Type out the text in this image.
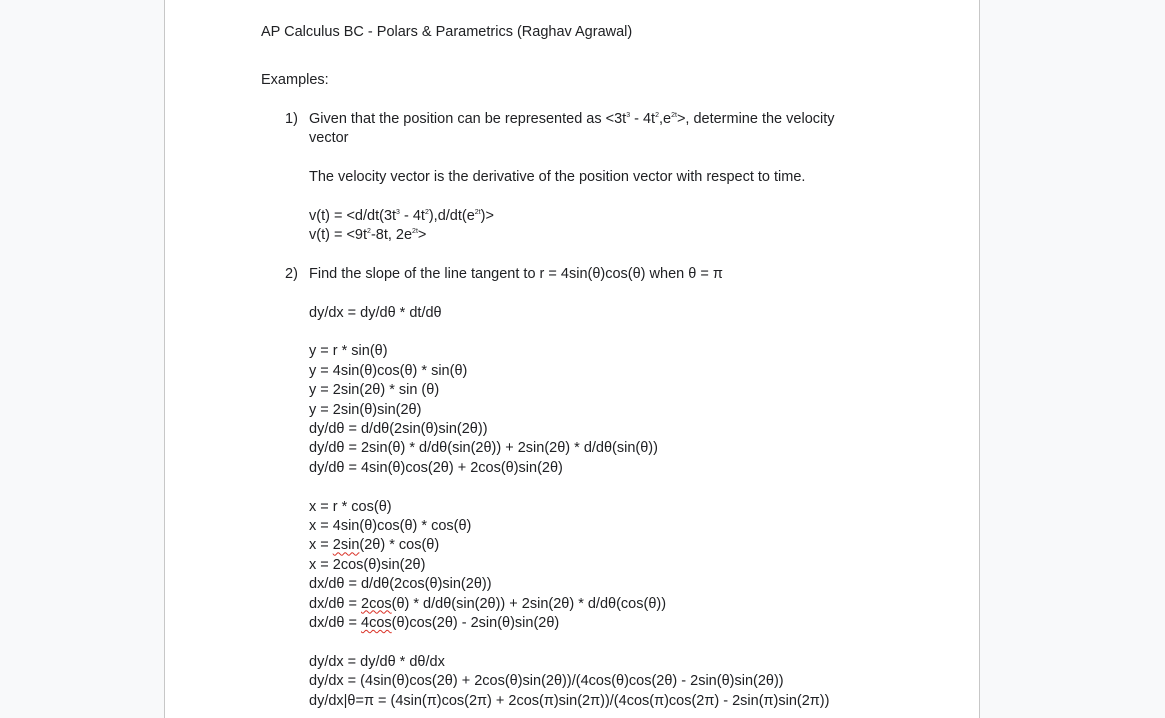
AP Calculus BC - Polars & Parametrics (Raghav Agrawal)

Examples:

1) Given that the position can be represented as $<3t^3 - 4t^2,e^{2t}>$, determine the velocity vector
The velocity vector is the derivative of the position vector with respect to time.
$v(t) = <d/dt(3t^3 - 4t^2),d/dt(e^{2t})>$
$v(t) = <9t^2-8t$, $2e^{2t}>$
2) Find the slope of the line tangent to r = 4sin(θ)cos(θ) when θ = π
dy/dx = dy/dθ * dt/dθ
y = r * sin(θ)
y = 4sin(θ)cos(θ) * sin(θ)
y = 2sin(2θ) * sin (θ)
y = 2sin(θ)sin(2θ)
dy/dθ = d/dθ(2sin(θ)sin(2θ))
dy/dθ = 2sin(θ) * d/dθ(sin(2θ)) + 2sin(2θ) * d/dθ(sin(θ))
dy/dθ = 4sin(θ)cos(2θ) + 2cos(θ)sin(2θ)
x = r * cos(θ)
x = 4sin(θ)cos(θ) * cos(θ)
x = 2sin(2θ) * cos(θ)
x = 2cos(θ)sin(2θ)
dx/dθ = d/dθ(2cos(θ)sin(2θ))
dx/dθ = 2cos(θ) * d/dθ(sin(2θ)) + 2sin(2θ) * d/dθ(cos(θ))
dx/dθ = 4cos(θ)cos(2θ) - 2sin(θ)sin(2θ)
dy/dx = dy/dθ * dθ/dx
dy/dx = (4sin(θ)cos(2θ) + 2cos(θ)sin(2θ))/(4cos(θ)cos(2θ) - 2sin(θ)sin(2θ))
dy/dx|θ=π = (4sin(π)cos(2π) + 2cos(π)sin(2π))/(4cos(π)cos(2π) - 2sin(π)sin(2π))
